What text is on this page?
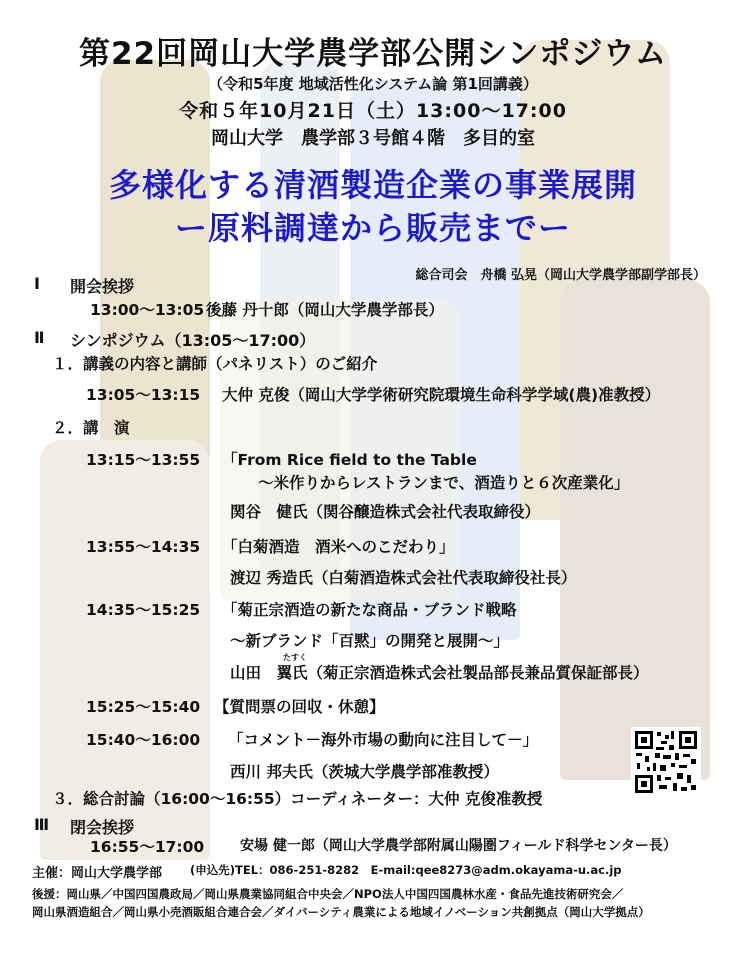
第22回岡山大学農学部公開シンポジウム
（令和5年度 地域活性化システム論 第1回講義）
令和５年10月21日（土）13:00〜17:00
岡山大学　農学部３号館４階　多目的室
多様化する清酒製造企業の事業展開
ー原料調達から販売までー
総合司会　舟橋 弘晃（岡山大学農学部副学部長）
Ⅰ 開会挨拶
13:00〜13:05 後藤 丹十郎（岡山大学農学部長）
Ⅱ シンポジウム（13:05〜17:00）
１．講義の内容と講師（パネリスト）のご紹介
13:05〜13:15 大仲 克俊（岡山大学学術研究院環境生命科学学域(農)准教授）
２．講　演
13:15〜13:55 「From Rice field to the Table
〜米作りからレストランまで、酒造りと６次産業化」
関谷　健氏（関谷醸造株式会社代表取締役）
13:55〜14:35 「白菊酒造　酒米へのこだわり」
渡辺 秀造氏（白菊酒造株式会社代表取締役社長）
14:35〜15:25 「菊正宗酒造の新たな商品・ブランド戦略
〜新ブランド「百黙」の開発と展開〜」
たすく
山田　翼氏（菊正宗酒造株式会社製品部長兼品質保証部長）
15:25〜15:40 【質問票の回収・休憩】
15:40〜16:00 「コメント－海外市場の動向に注目して－」
西川 邦夫氏（茨城大学農学部准教授）
３．総合討論（16:00〜16:55）コーディネーター：大仲 克俊准教授
Ⅲ 閉会挨拶
16:55〜17:00	安場 健一郎（岡山大学農学部附属山陽圏フィールド科学センター長）
主催：岡山大学農学部 (申込先)TEL：086-251-8282　E-mail:qee8273@adm.okayama-u.ac.jp
後援：岡山県／中国四国農政局／岡山県農業協同組合中央会／NPO法人中国四国農林水産・食品先進技術研究会／
岡山県酒造組合／岡山県小売酒販組合連合会／ダイバーシティ農業による地域イノベーション共創拠点（岡山大学拠点）
